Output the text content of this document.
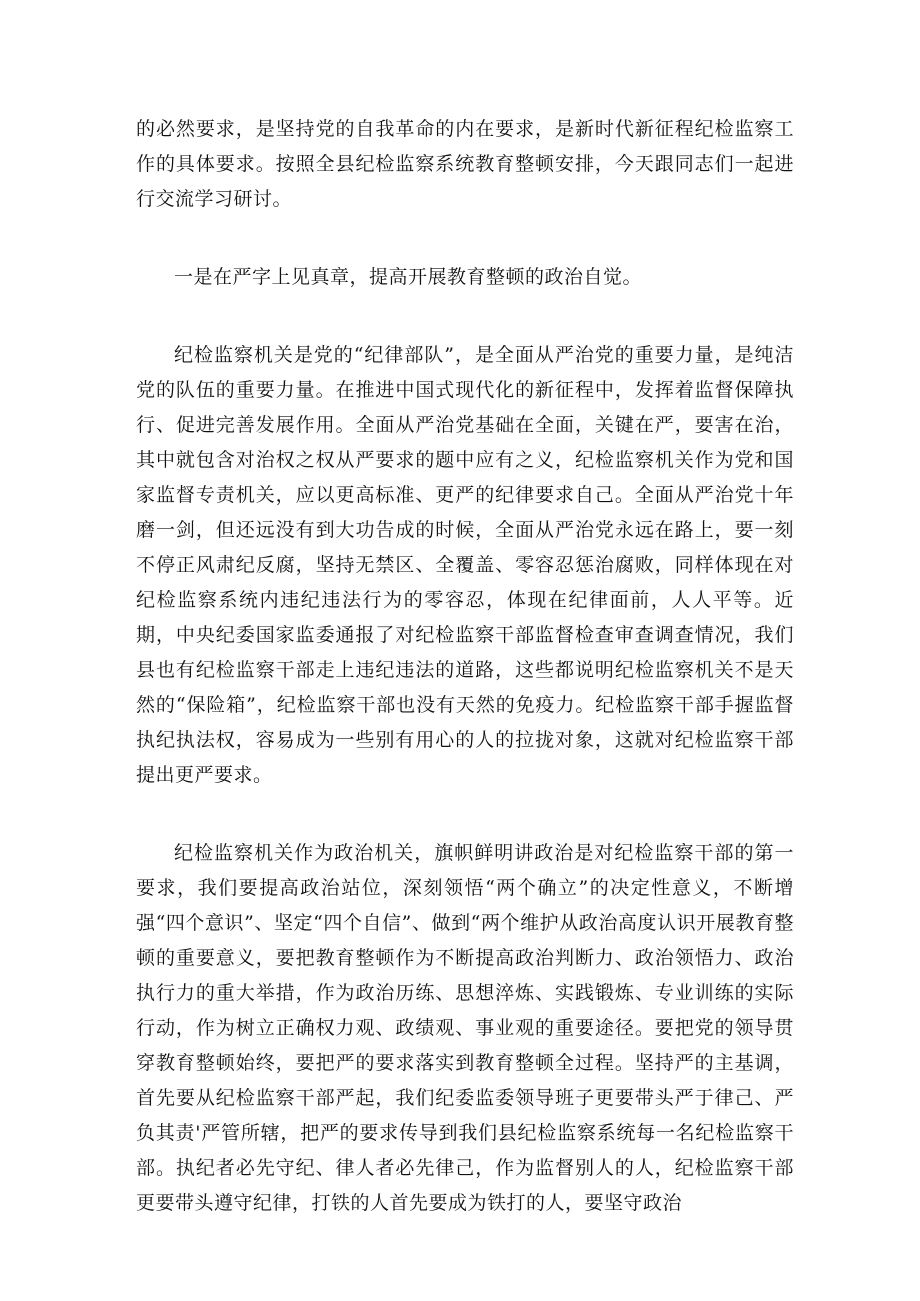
的必然要求，是坚持党的自我革命的内在要求，是新时代新征程纪检监察工作的具体要求。按照全县纪检监察系统教育整顿安排，今天跟同志们一起进行交流学习研讨。

一是在严字上见真章，提高开展教育整顿的政治自觉。

纪检监察机关是党的“纪律部队”，是全面从严治党的重要力量，是纯洁党的队伍的重要力量。在推进中国式现代化的新征程中，发挥着监督保障执行、促进完善发展作用。全面从严治党基础在全面，关键在严，要害在治，其中就包含对治权之权从严要求的题中应有之义，纪检监察机关作为党和国家监督专责机关，应以更高标准、更严的纪律要求自己。全面从严治党十年磨一剑，但还远没有到大功告成的时候，全面从严治党永远在路上，要一刻不停正风肃纪反腐，坚持无禁区、全覆盖、零容忍惩治腐败，同样体现在对纪检监察系统内违纪违法行为的零容忍，体现在纪律面前，人人平等。近期，中央纪委国家监委通报了对纪检监察干部监督检查审查调查情况，我们县也有纪检监察干部走上违纪违法的道路，这些都说明纪检监察机关不是天然的“保险箱”，纪检监察干部也没有天然的免疫力。纪检监察干部手握监督执纪执法权，容易成为一些别有用心的人的拉拢对象，这就对纪检监察干部提出更严要求。

纪检监察机关作为政治机关，旗帜鲜明讲政治是对纪检监察干部的第一要求，我们要提高政治站位，深刻领悟“两个确立”的决定性意义，不断增强“四个意识”、坚定“四个自信”、做到“两个维护从政治高度认识开展教育整顿的重要意义，要把教育整顿作为不断提高政治判断力、政治领悟力、政治执行力的重大举措，作为政治历练、思想淬炼、实践锻炼、专业训练的实际行动，作为树立正确权力观、政绩观、事业观的重要途径。要把党的领导贯穿教育整顿始终，要把严的要求落实到教育整顿全过程。坚持严的主基调，首先要从纪检监察干部严起，我们纪委监委领导班子更要带头严于律己、严负其责'严管所辖，把严的要求传导到我们县纪检监察系统每一名纪检监察干部。执纪者必先守纪、律人者必先律己，作为监督别人的人，纪检监察干部更要带头遵守纪律，打铁的人首先要成为铁打的人，要坚守政治
